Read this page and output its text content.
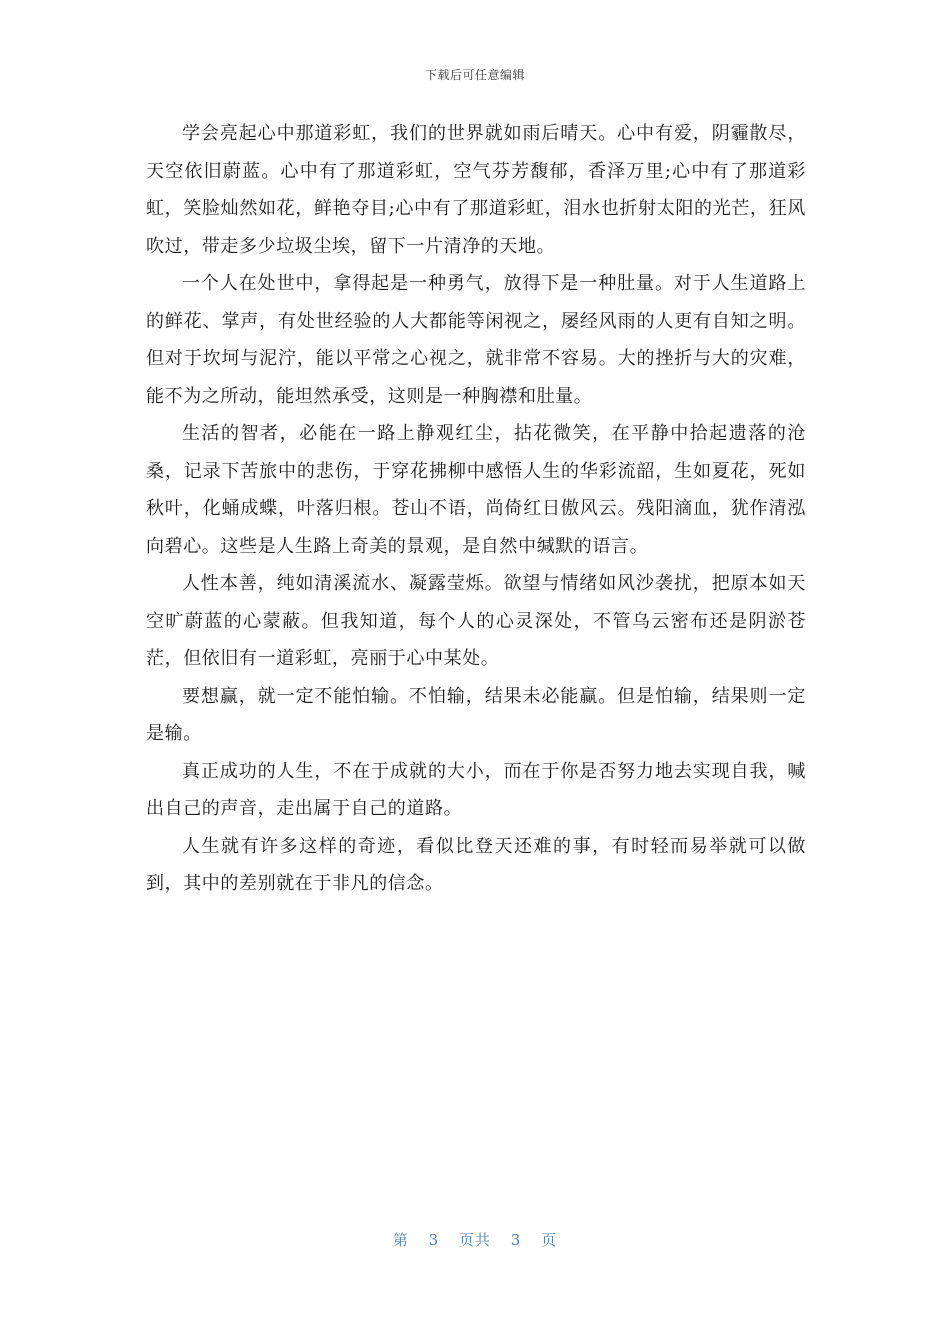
下载后可任意编辑

学会亮起心中那道彩虹，我们的世界就如雨后晴天。心中有爱，阴霾散尽，天空依旧蔚蓝。心中有了那道彩虹，空气芬芳馥郁，香泽万里;心中有了那道彩虹，笑脸灿然如花，鲜艳夺目;心中有了那道彩虹，泪水也折射太阳的光芒，狂风吹过，带走多少垃圾尘埃，留下一片清净的天地。

一个人在处世中，拿得起是一种勇气，放得下是一种肚量。对于人生道路上的鲜花、掌声，有处世经验的人大都能等闲视之，屡经风雨的人更有自知之明。但对于坎坷与泥泞，能以平常之心视之，就非常不容易。大的挫折与大的灾难，能不为之所动，能坦然承受，这则是一种胸襟和肚量。

生活的智者，必能在一路上静观红尘，拈花微笑，在平静中拾起遗落的沧桑，记录下苦旅中的悲伤，于穿花拂柳中感悟人生的华彩流韶，生如夏花，死如秋叶，化蛹成蝶，叶落归根。苍山不语，尚倚红日傲风云。残阳滴血，犹作清泓向碧心。这些是人生路上奇美的景观，是自然中缄默的语言。

人性本善，纯如清溪流水、凝露莹烁。欲望与情绪如风沙袭扰，把原本如天空旷蔚蓝的心蒙蔽。但我知道，每个人的心灵深处，不管乌云密布还是阴淤苍茫，但依旧有一道彩虹，亮丽于心中某处。

要想赢，就一定不能怕输。不怕输，结果未必能赢。但是怕输，结果则一定是输。

真正成功的人生，不在于成就的大小，而在于你是否努力地去实现自我，喊出自己的声音，走出属于自己的道路。

人生就有许多这样的奇迹，看似比登天还难的事，有时轻而易举就可以做到，其中的差别就在于非凡的信念。

第 3 页共 3 页
